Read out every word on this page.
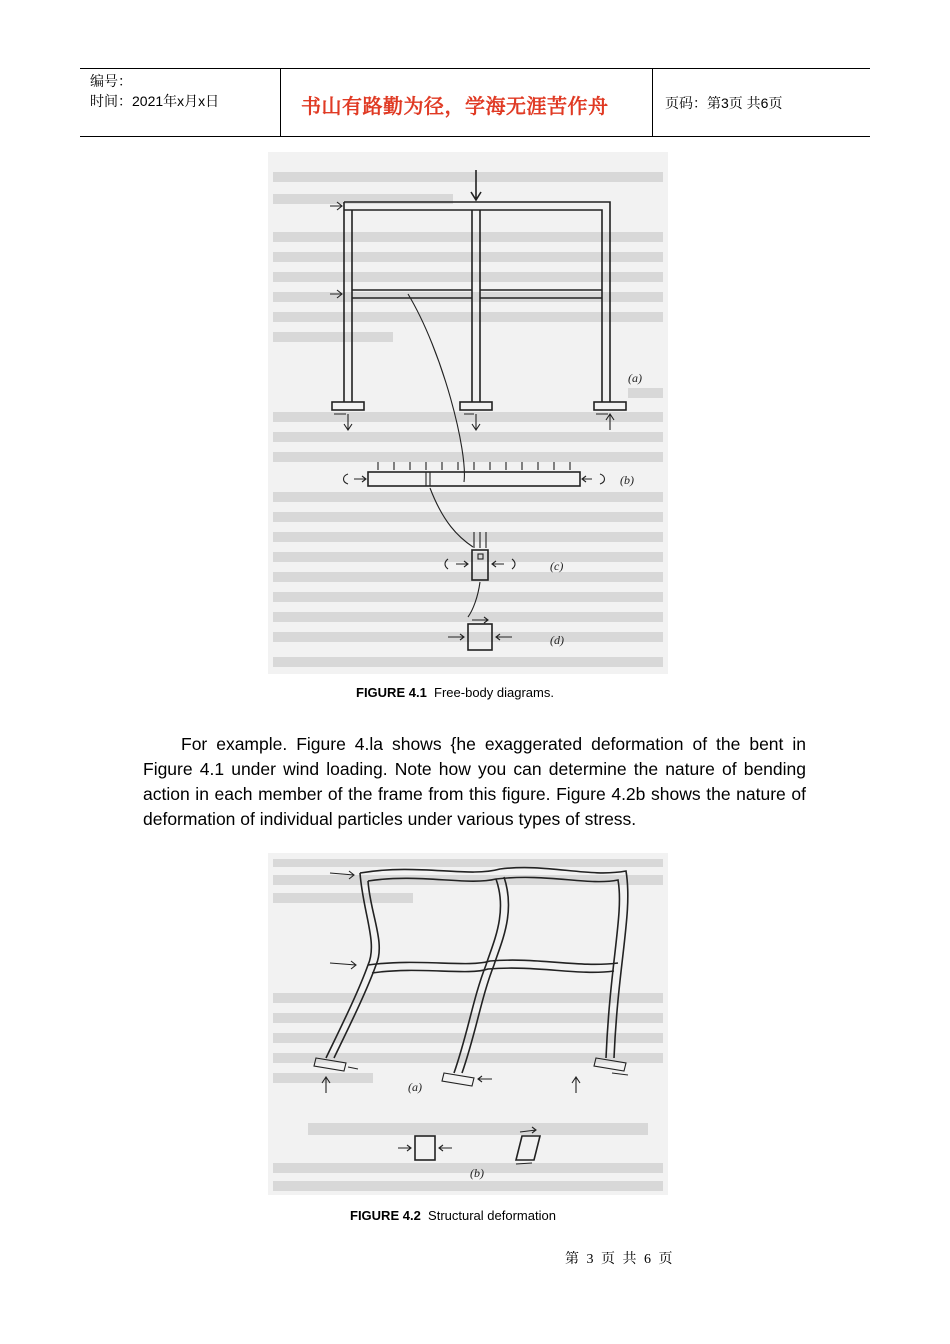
编号：
时间：2021年x月x日	书山有路勤为径，学海无涯苦作舟	页码：第3页 共6页
(a)
(b)
(c)
(d)
FIGURE 4.1 Free-body diagrams.
For example. Figure 4.la shows {he exaggerated deformation of the bent in Figure 4.1 under wind loading. Note how you can determine the nature of bending action in each member of the frame from this figure. Figure 4.2b shows the nature of deformation of individual particles under various types of stress.
(a)
(b)
FIGURE 4.2 Structural deformation
第 3 页 共 6 页
